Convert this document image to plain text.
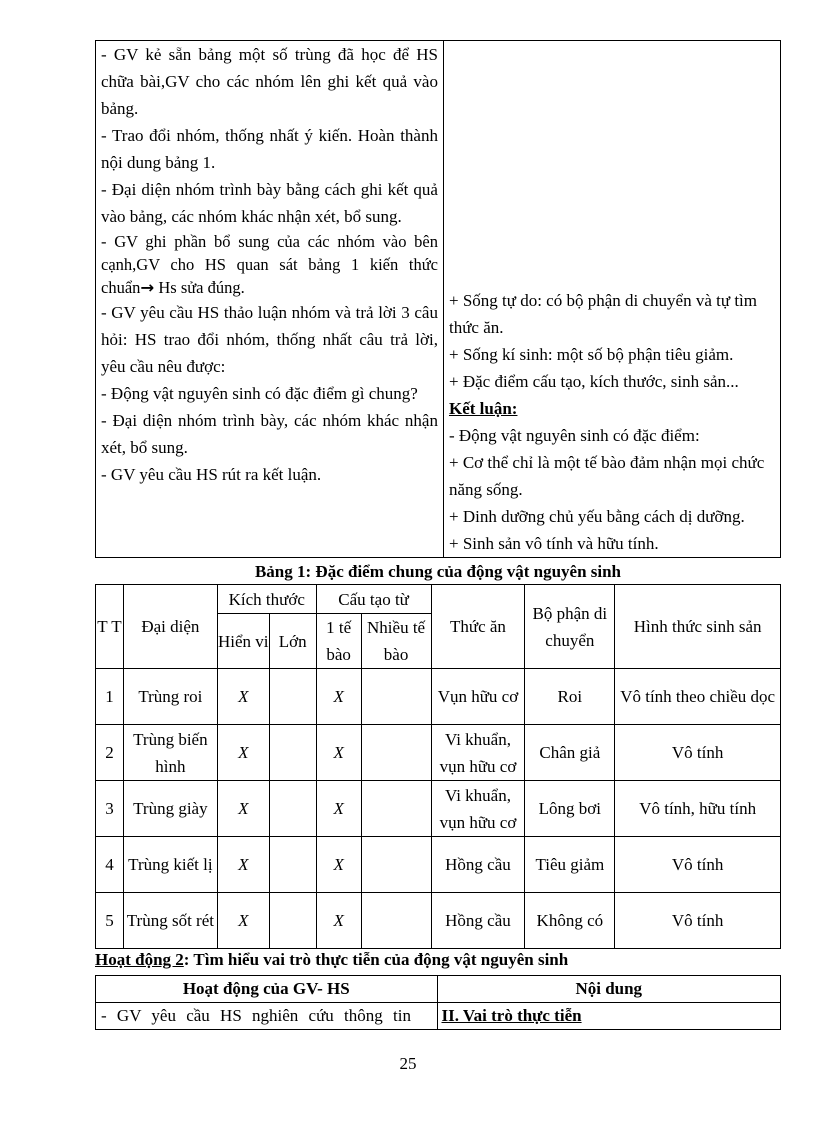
- GV kẻ sẵn bảng một số trùng đã học để HS chữa bài,GV cho các nhóm lên ghi kết quả vào bảng.
- Trao đổi nhóm, thống nhất ý kiến. Hoàn thành nội dung bảng 1.
- Đại diện nhóm trình bày bằng cách ghi kết quả vào bảng, các nhóm khác nhận xét, bổ sung.
- GV ghi phần bổ sung của các nhóm vào bên cạnh,GV cho HS quan sát bảng 1 kiến thức chuẩn→ Hs sửa đúng.
- GV yêu cầu HS thảo luận nhóm và trả lời 3 câu hỏi: HS trao đổi nhóm, thống nhất câu trả lời, yêu cầu nêu được:
- Động vật nguyên sinh có đặc điểm gì chung?
- Đại diện nhóm trình bày, các nhóm khác nhận xét, bổ sung.
- GV yêu cầu HS rút ra kết luận.

+ Sống tự do: có bộ phận di chuyển và tự tìm thức ăn.
+ Sống kí sinh: một số bộ phận tiêu giảm.
+ Đặc điểm cấu tạo, kích thước, sinh sản...
Kết luận:
- Động vật nguyên sinh có đặc điểm:
+ Cơ thể chỉ là một tế bào đảm nhận mọi chức năng sống.
+ Dinh dưỡng chủ yếu bằng cách dị dưỡng.
+ Sinh sản vô tính và hữu tính.
Bảng 1: Đặc điểm chung của động vật nguyên sinh
T T	Đại diện	Kích thước		Cấu tạo từ		Thức ăn	Bộ phận di chuyển	Hình thức sinh sản
		Hiển vi	Lớn	1 tế bào	Nhiều tế bào			
1	Trùng roi	X		X		Vụn hữu cơ	Roi	Vô tính theo chiều dọc
2	Trùng biến hình	X		X		Vi khuẩn, vụn hữu cơ	Chân giả	Vô tính
3	Trùng giày	X		X		Vi khuẩn, vụn hữu cơ	Lông bơi	Vô tính, hữu tính
4	Trùng kiết lị	X		X		Hồng cầu	Tiêu giảm	Vô tính
5	Trùng sốt rét	X		X		Hồng cầu	Không có	Vô tính
Hoạt động 2: Tìm hiểu vai trò thực tiễn của động vật nguyên sinh
Hoạt động của GV- HS	Nội dung
- GV yêu cầu HS nghiên cứu thông tin	II. Vai trò thực tiễn
25
